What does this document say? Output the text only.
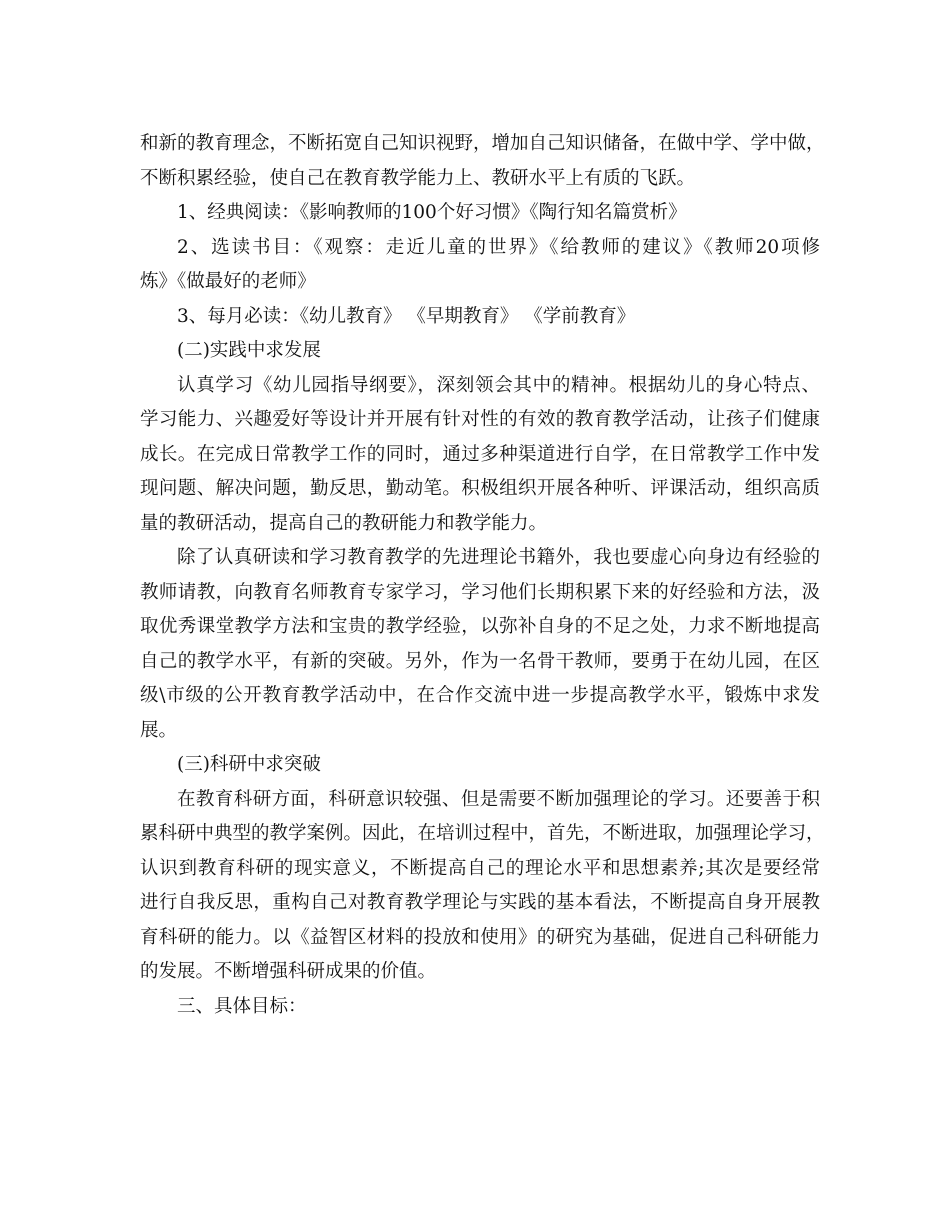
和新的教育理念，不断拓宽自己知识视野，增加自己知识储备，在做中学、学中做，
不断积累经验，使自己在教育教学能力上、教研水平上有质的飞跃。
1、经典阅读：《影响教师的100个好习惯》《陶行知名篇赏析》
2、选读书目：《观察：走近儿童的世界》《给教师的建议》《教师20项修
炼》《做最好的老师》
3、每月必读：《幼儿教育》 《早期教育》 《学前教育》
(二)实践中求发展
认真学习《幼儿园指导纲要》，深刻领会其中的精神。根据幼儿的身心特点、
学习能力、兴趣爱好等设计并开展有针对性的有效的教育教学活动，让孩子们健康
成长。在完成日常教学工作的同时，通过多种渠道进行自学，在日常教学工作中发
现问题、解决问题，勤反思，勤动笔。积极组织开展各种听、评课活动，组织高质
量的教研活动，提高自己的教研能力和教学能力。
除了认真研读和学习教育教学的先进理论书籍外，我也要虚心向身边有经验的
教师请教，向教育名师教育专家学习，学习他们长期积累下来的好经验和方法，汲
取优秀课堂教学方法和宝贵的教学经验，以弥补自身的不足之处，力求不断地提高
自己的教学水平，有新的突破。另外，作为一名骨干教师，要勇于在幼儿园，在区
级\市级的公开教育教学活动中，在合作交流中进一步提高教学水平，锻炼中求发
展。
(三)科研中求突破
在教育科研方面，科研意识较强、但是需要不断加强理论的学习。还要善于积
累科研中典型的教学案例。因此，在培训过程中，首先，不断进取，加强理论学习，
认识到教育科研的现实意义，不断提高自己的理论水平和思想素养;其次是要经常
进行自我反思，重构自己对教育教学理论与实践的基本看法，不断提高自身开展教
育科研的能力。以《益智区材料的投放和使用》的研究为基础，促进自己科研能力
的发展。不断增强科研成果的价值。
三、具体目标：
